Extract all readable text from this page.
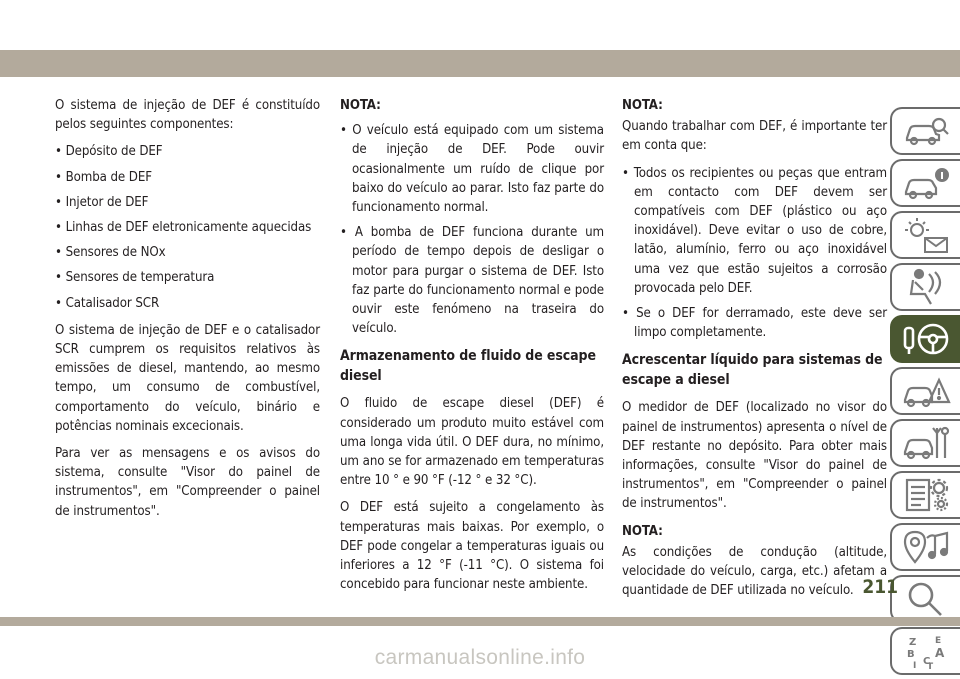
O sistema de injeção de DEF é constituído pelos seguintes componentes:

• Depósito de DEF
• Bomba de DEF
• Injetor de DEF
• Linhas de DEF eletronicamente aquecidas
• Sensores de NOx
• Sensores de temperatura
• Catalisador SCR

O sistema de injeção de DEF e o catalisador SCR cumprem os requisitos relativos às emissões de diesel, mantendo, ao mesmo tempo, um consumo de combustível, comportamento do veículo, binário e potências nominais excecionais.

Para ver as mensagens e os avisos do sistema, consulte "Visor do painel de instrumentos", em "Compreender o painel de instrumentos".

NOTA:

• O veículo está equipado com um sistema de injeção de DEF. Pode ouvir ocasionalmente um ruído de clique por baixo do veículo ao parar. Isto faz parte do funcionamento normal.
• A bomba de DEF funciona durante um período de tempo depois de desligar o motor para purgar o sistema de DEF. Isto faz parte do funcionamento normal e pode ouvir este fenómeno na traseira do veículo.
Armazenamento de fluido de escape diesel

O fluido de escape diesel (DEF) é considerado um produto muito estável com uma longa vida útil. O DEF dura, no mínimo, um ano se for armazenado em temperaturas entre 10 ° e 90 °F (-12 ° e 32 °C).

O DEF está sujeito a congelamento às temperaturas mais baixas. Por exemplo, o DEF pode congelar a temperaturas iguais ou inferiores a 12 °F (-11 °C). O sistema foi concebido para funcionar neste ambiente.

NOTA:

Quando trabalhar com DEF, é importante ter em conta que:

• Todos os recipientes ou peças que entram em contacto com DEF devem ser compatíveis com DEF (plástico ou aço inoxidável). Deve evitar o uso de cobre, latão, alumínio, ferro ou aço inoxidável uma vez que estão sujeitos a corrosão provocada pelo DEF.
• Se o DEF for derramado, este deve ser limpo completamente.
Acrescentar líquido para sistemas de escape a diesel

O medidor de DEF (localizado no visor do painel de instrumentos) apresenta o nível de DEF restante no depósito. Para obter mais informações, consulte "Visor do painel de instrumentos", em "Compreender o painel de instrumentos".

NOTA:

As condições de condução (altitude, velocidade do veículo, carga, etc.) afetam a quantidade de DEF utilizada no veículo.

Z E
B A
I C
T
211
carmanualsonline.info
